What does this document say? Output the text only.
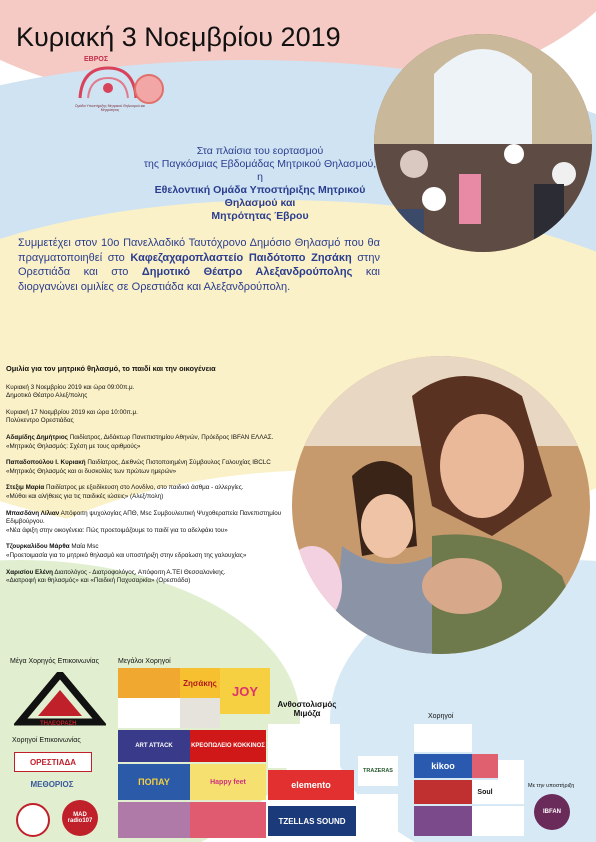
Κυριακή 3 Νοεμβρίου 2019
ΕΒΡΟΣ
Ομάδα Υποστήριξης Μητρικού Θηλασμού και Μητρότητας
Στα πλαίσια του εορτασμού
της Παγκόσμιας Εβδομάδας Μητρικού Θηλασμού,
η
Εθελοντική Ομάδα Υποστήριξης Μητρικού Θηλασμού και
Μητρότητας Έβρου
Συμμετέχει στον 10ο Πανελλαδικό Ταυτόχρονο Δημόσιο Θηλασμό που θα πραγματοποιηθεί στο Καφεζαχαροπλαστείο Παιδότοπο Ζησάκη στην Ορεστιάδα και στο Δημοτικό Θέατρο Αλεξανδρούπολης και διοργανώνει ομιλίες σε Ορεστιάδα και Αλεξανδρούπολη.
Ομιλία για τον μητρικό θηλασμό, το παιδί και την οικογένεια
Κυριακή 3 Νοεμβρίου 2019 και ώρα 09:00π.μ.
Δημοτικό Θέατρο Αλεξ/πολης
Κυριακή 17 Νοεμβρίου 2019 και ώρα 10:00π.μ.
Πολύκεντρο Ορεστιάδας
Αδαμίδης Δημήτριος Παιδίατρος, Διδάκτωρ Πανεπιστημίου Αθηνών, Πρόεδρος IBFAN ΕΛΛΑΣ.
«Μητρικός Θηλασμός: Σχέση με τους αριθμούς»
Παπαδοπούλου Ι. Κυριακή Παιδίατρος, Διεθνώς Πιστοποιημένη Σύμβουλος Γαλουχίας IBCLC
«Μητρικός Θηλασμός και οι δυσκολίες των πρώτων ημερών»
Στεξιμ Μαρία Παιδίατρος με εξειδίκευση στο Λονδίνο, στο παιδικό άσθμα - αλλεργίες.
«Μύθοι και αλήθειες για τις παιδικές ιώσεις» (Αλεξ/πολη)
Μπασδάνη Λίλιαν Απόφοιτη ψυχολογίας ΑΠΘ, Msc Συμβουλευτική Ψυχοθεραπεία Πανεπιστημίου Εδιμβούργου.
«Νέα άφιξη στην οικογένεια: Πώς προετοιμάζουμε το παιδί για το αδελφάκι του»
Τζουρκαλίδου Μάρθα Μαία Msc
«Προετοιμασία για το μητρικό θηλασμό και υποστήριξη στην εδραίωση της γαλουχίας»
Χαρισίου Ελένη Διαιτολόγος - Διατροφολόγος, Απόφοιτη Α.ΤΕΙ Θεσσαλονίκης.
«Διατροφή και θηλασμός» και «Παιδική Παχυσαρκία» (Ορεστιάδα)
Μέγα Χορηγός Επικοινωνίας	Μεγάλοι Χορηγοί
Ανθοστολισμός Μιμόζα
Χορηγοί Επικοινωνίας
Χορηγοί
Με την υποστήριξη
ΤΗΛΕΟΡΑΣΗ
ΟΡΕΣΤΙΑΔΑ
ΜΕΘΟΡΙΟΣ
MAD radio107
Ζησάκης
JOY
ART ATTACK	ΚΡΕΟΠΩΛΕΙΟ ΚΟΚΚΙΝΟΣ
ΠΟΠΑΥ	Happy feet	elemento
TZELLAS SOUND
TRAZERAS	kikoo
Soul
IBFAN
